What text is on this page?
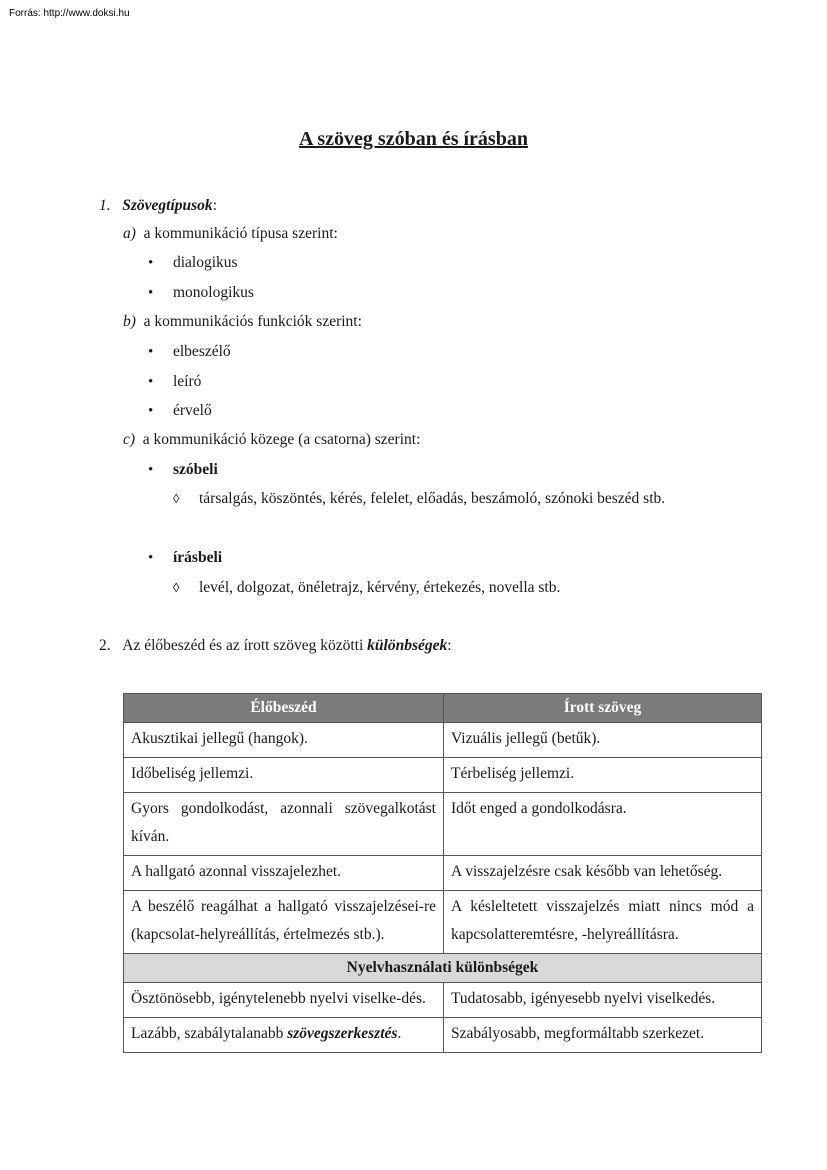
Forrás: http://www.doksi.hu
A szöveg szóban és írásban
1. Szövegtípusok:
a) a kommunikáció típusa szerint:
• dialogikus
• monologikus
b) a kommunikációs funkciók szerint:
• elbeszélő
• leíró
• érvelő
c) a kommunikáció közege (a csatorna) szerint:
• szóbeli
◊ társalgás, köszöntés, kérés, felelet, előadás, beszámoló, szónoki beszéd stb.
• írásbeli
◊ levél, dolgozat, önéletrajz, kérvény, értekezés, novella stb.
2. Az élőbeszéd és az írott szöveg közötti különbségek:
Élőbeszéd	Írott szöveg
Akusztikai jellegű (hangok).	Vizuális jellegű (betűk).
Időbeliség jellemzi.	Térbeliség jellemzi.
Gyors gondolkodást, azonnali szövegalkotást kíván.	Időt enged a gondolkodásra.
A hallgató azonnal visszajelezhet.	A visszajelzésre csak később van lehetőség.
A beszélő reagálhat a hallgató visszajelzései-re (kapcsolat-helyreállítás, értelmezés stb.).	A késleltetett visszajelzés miatt nincs mód a kapcsolatteremtésre, -helyreállításra.
Nyelvhasználati különbségek	
Ösztönösebb, igénytelenebb nyelvi viselke-dés.	Tudatosabb, igényesebb nyelvi viselkedés.
Lazább, szabálytalanabb szövegszerkesztés.	Szabályosabb, megformáltabb szerkezet.
